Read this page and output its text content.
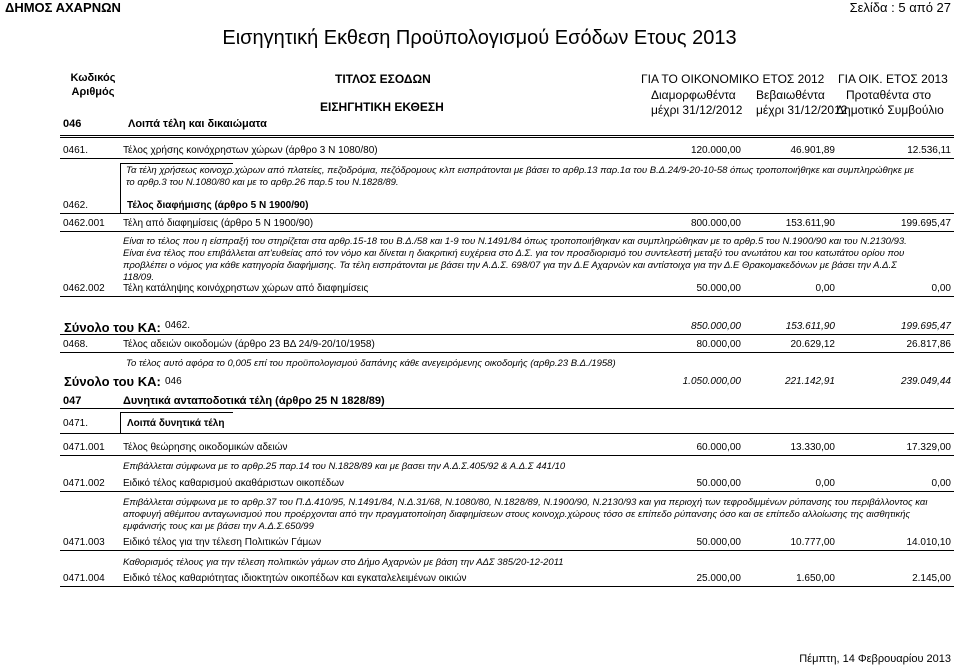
ΔΗΜΟΣ ΑΧΑΡΝΩΝ	Σελίδα : 5 από 27
Εισηγητική Εκθεση Προϋπολογισμού Εσόδων Ετους 2013
Κωδικός
Αριθμός
ΤΙΤΛΟΣ ΕΣΟΔΩΝ
ΕΙΣΗΓΗΤΙΚΗ ΕΚΘΕΣΗ
ΓΙΑ ΤΟ ΟΙΚΟΝΟΜΙΚΟ ΕΤΟΣ 2012 ΓΙΑ ΟΙΚ. ΕΤΟΣ 2013
Διαμορφωθέντα
μέχρι 31/12/2012
Βεβαιωθέντα
μέχρι 31/12/2012
Προταθέντα στο
Δημοτικό Συμβούλιο
046	Λοιπά τέλη και δικαιώματα
0461.	Τέλος χρήσης κοινόχρηστων χώρων (άρθρο 3 Ν 1080/80)	120.000,00	46.901,89	12.536,11
Τα τέλη χρήσεως κοινοχρ.χώρων από πλατείες, πεζοδρόμια, πεζόδρομους κλπ εισπράτονται με βάσει το αρθρ.13 παρ.1α του Β.Δ.24/9-20-10-58 όπως τροποποιήθηκε και συμπληρώθηκε με το αρθρ.3 του Ν.1080/80 και με το αρθρ.26 παρ.5 του Ν.1828/89.
0462.	Τέλος διαφήμισης (άρθρο 5 Ν 1900/90)
0462.001 Τέλη από διαφημίσεις (άρθρο 5 Ν 1900/90)	800.000,00	153.611,90	199.695,47
Είναι το τέλος που η είσπραξή του στηρίζεται στα αρθρ.15-18 του Β.Δ./58 και 1-9 του Ν.1491/84 όπως τροποποιήθηκαν και συμπληρώθηκαν με το αρθρ.5 του Ν.1900/90 και του Ν.2130/93. Είναι ένα τέλος που επιβάλλεται απ'ευθείας από τον νόμο και δίνεται η διακριτική ευχέρεια στο Δ.Σ. για τον προσδιορισμό του συντελεστή μεταξύ του ανωτάτου και του κατωτάτου ορίου που προβλέπει ο νόμος για κάθε κατηγορία διαφήμισης. Τα τέλη εισπράτονται με βάσει την Α.Δ.Σ. 698/07 για την Δ.Ε Αχαρνών και αντίστοιχα για την Δ.Ε Θρακομακεδόνων με βάσει την Α.Δ.Σ 118/09.
0462.002 Τέλη κατάληψης κοινόχρηστων χώρων από διαφημίσεις	50.000,00	0,00	0,00
Σύνολο του ΚΑ: 0462.	850.000,00	153.611,90	199.695,47
0468.	Τέλος αδειών οικοδομών (άρθρο 23 ΒΔ 24/9-20/10/1958)	80.000,00	20.629,12	26.817,86
Το τέλος αυτό αφόρα το 0,005 επί του προϋπολογισμού δαπάνης κάθε ανεγειρόμενης οικοδομής (αρθρ.23 Β.Δ./1958)
Σύνολο του ΚΑ: 046	1.050.000,00	221.142,91	239.049,44
047	Δυνητικά ανταποδοτικά τέλη (άρθρο 25 Ν 1828/89)
0471.	Λοιπά δυνητικά τέλη
0471.001 Τέλος θεώρησης οικοδομικών αδειών	60.000,00	13.330,00	17.329,00
Επιβάλλεται σύμφωνα με το αρθρ.25 παρ.14 του Ν.1828/89 και με βασει την Α.Δ.Σ.405/92 & Α.Δ.Σ 441/10
0471.002 Ειδικό τέλος καθαρισμού ακαθάριστων οικοπέδων	50.000,00	0,00	0,00
Επιβάλλεται σύμφωνα με το αρθρ.37 του Π.Δ.410/95, Ν.1491/84, Ν.Δ.31/68, Ν.1080/80, Ν.1828/89, Ν.1900/90, Ν.2130/93 και για περιοχή των τεφροδιμμένων ρύπανσης του περιβάλλοντος και αποφυγή αθέμιτου ανταγωνισμού που προέρχονται από την πραγματοποίηση διαφημίσεων στους κοινοχρ.χώρους τόσο σε επίπεδο ρύπανσης όσο και σε επίπεδο αλλοίωσης της αισθητικής εμφάνισής τους και με βάσει την Α.Δ.Σ.650/99
0471.003 Ειδικό τέλος για την τέλεση Πολιτικών Γάμων	50.000,00	10.777,00	14.010,10
Καθορισμός τέλους για την τέλεση πολιτικών γάμων στο Δήμο Αχαρνών με βάση την ΑΔΣ 385/20-12-2011
0471.004 Ειδικό τέλος καθαριότητας ιδιοκτητών οικοπέδων και εγκαταλελειμένων οικιών	25.000,00	1.650,00	2.145,00
Πέμπτη, 14 Φεβρουαρίου 2013
